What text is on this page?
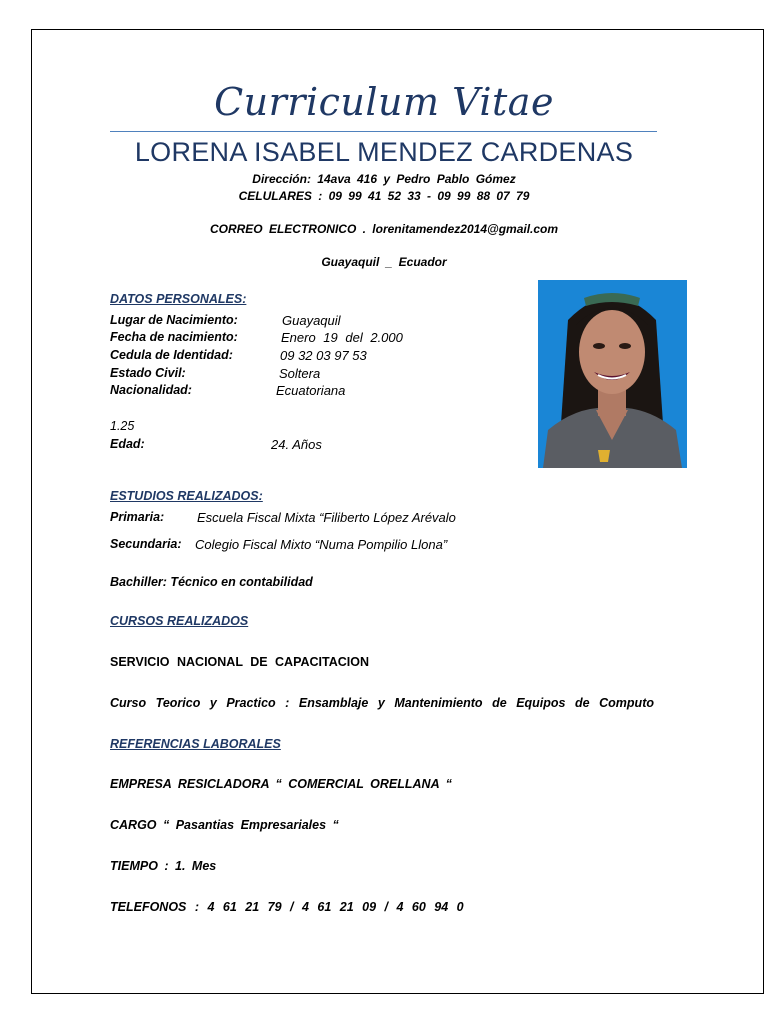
Curriculum Vitae
LORENA ISABEL MENDEZ CARDENAS
Dirección: 14ava 416 y Pedro Pablo Gómez
CELULARES : 09 99 41 52 33 - 09 99 88 07 79
CORREO ELECTRONICO . lorenitamendez2014@gmail.com
Guayaquil _ Ecuador
DATOS PERSONALES:
Lugar de Nacimiento:	Guayaquil
Fecha de nacimiento:	Enero 19 del 2.000
Cedula de Identidad:	09 32 03 97 53
Estado Civil:	Soltera
Nacionalidad:	Ecuatoriana
1.25
Edad:	24. Años
ESTUDIOS REALIZADOS:
Primaria:	Escuela Fiscal Mixta “Filiberto López Arévalo
Secundaria: Colegio Fiscal Mixto “Numa Pompilio Llona”
Bachiller: Técnico en contabilidad
CURSOS REALIZADOS
SERVICIO NACIONAL DE CAPACITACION
Curso Teorico y Practico : Ensamblaje y Mantenimiento de Equipos de Computo
REFERENCIAS LABORALES
EMPRESA RESICLADORA “ COMERCIAL ORELLANA “
CARGO “ Pasantias Empresariales “
TIEMPO : 1. Mes
TELEFONOS : 4 61 21 79 / 4 61 21 09 / 4 60 94 0
